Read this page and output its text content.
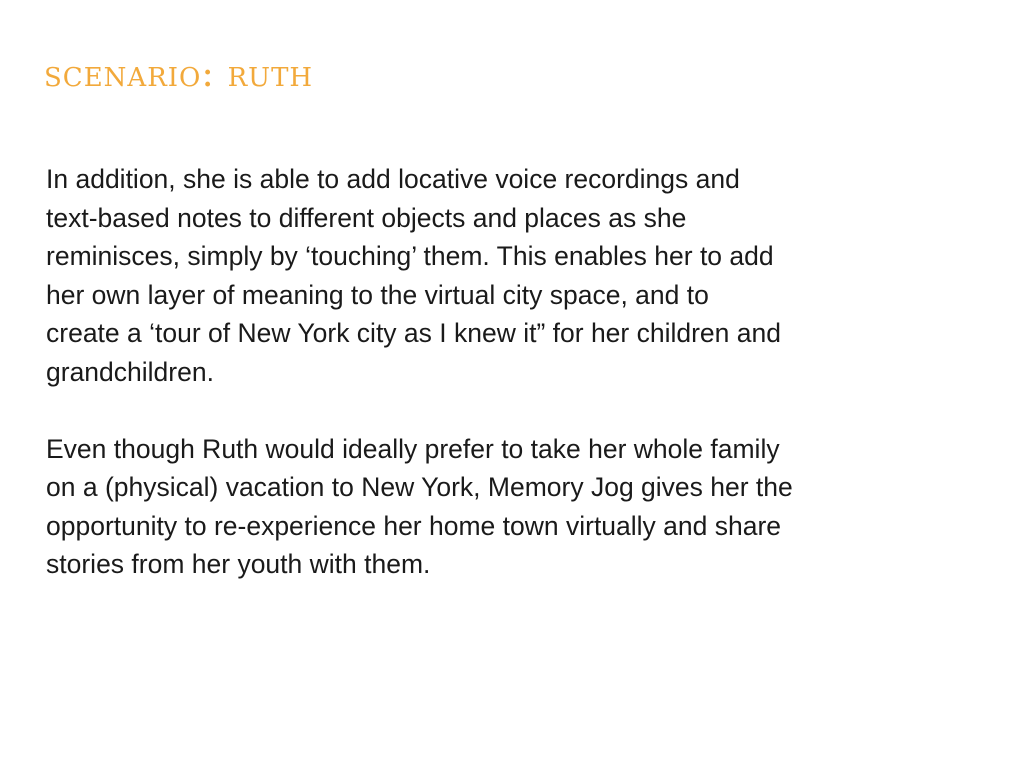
scenario: ruth

In addition, she is able to add locative voice recordings and
text-based notes to different objects and places as she
reminisces, simply by ‘touching’ them. This enables her to add
her own layer of meaning to the virtual city space, and to
create a ‘tour of New York city as I knew it” for her children and
grandchildren.

Even though Ruth would ideally prefer to take her whole family
on a (physical) vacation to New York, Memory Jog gives her the
opportunity to re-experience her home town virtually and share
stories from her youth with them.
